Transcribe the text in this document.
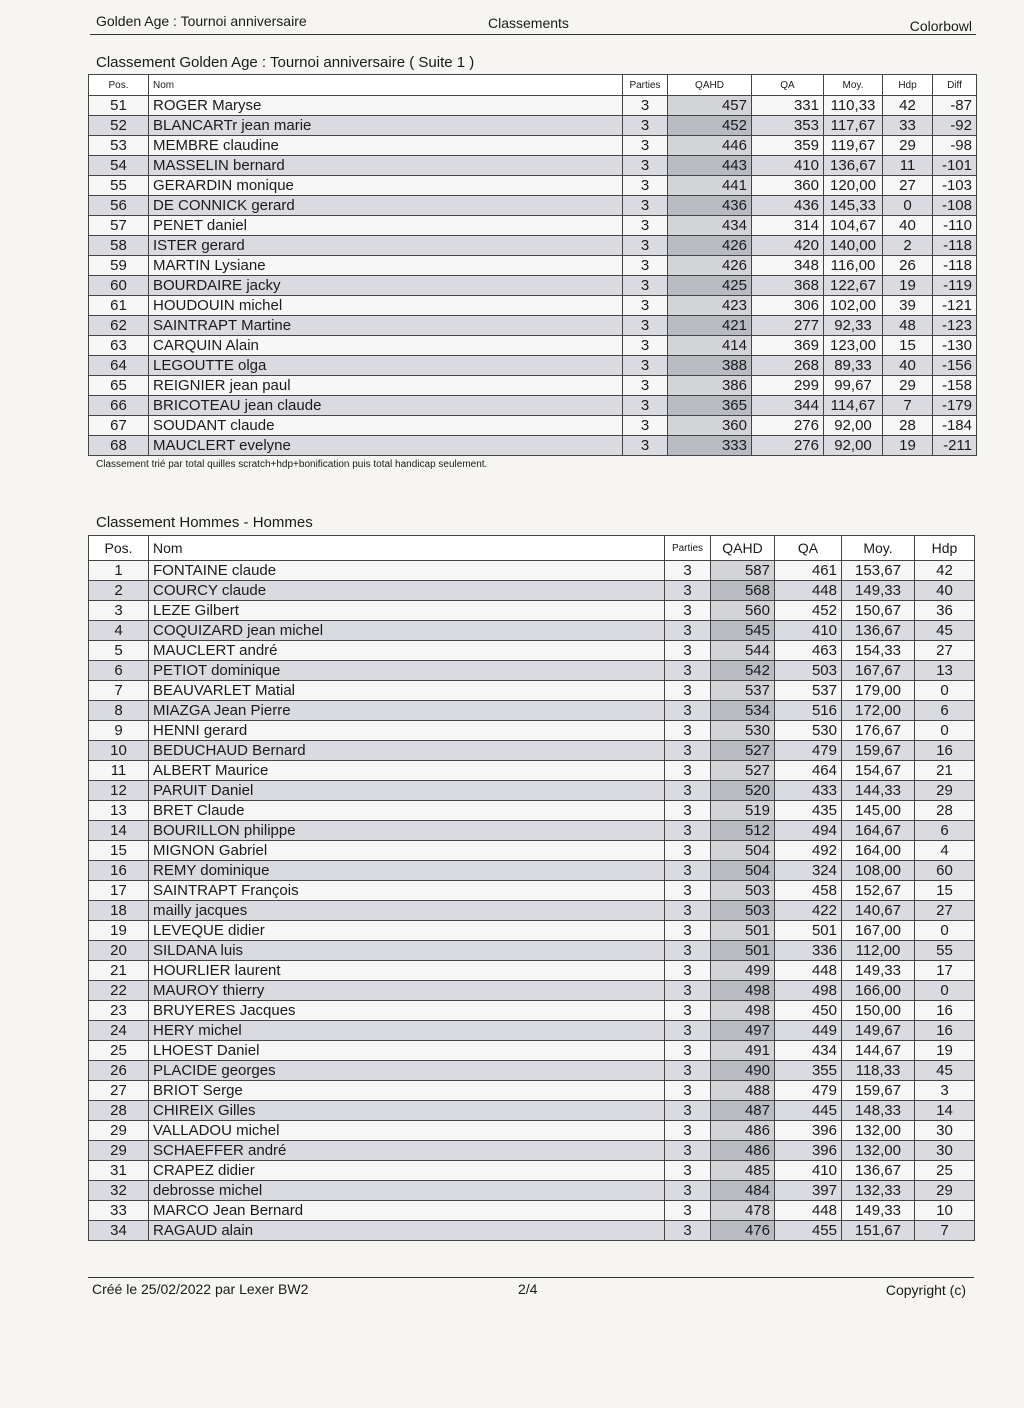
Golden Age : Tournoi anniversaire	Classements	Colorbowl
Classement Golden Age : Tournoi anniversaire ( Suite 1 )
Pos.	Nom	Parties	QAHD	QA	Moy.	Hdp	Diff
51	ROGER Maryse	3	457	331	110,33	42	-87
52	BLANCARTr jean marie	3	452	353	117,67	33	-92
53	MEMBRE claudine	3	446	359	119,67	29	-98
54	MASSELIN bernard	3	443	410	136,67	11	-101
55	GERARDIN monique	3	441	360	120,00	27	-103
56	DE CONNICK gerard	3	436	436	145,33	0	-108
57	PENET daniel	3	434	314	104,67	40	-110
58	ISTER gerard	3	426	420	140,00	2	-118
59	MARTIN Lysiane	3	426	348	116,00	26	-118
60	BOURDAIRE jacky	3	425	368	122,67	19	-119
61	HOUDOUIN michel	3	423	306	102,00	39	-121
62	SAINTRAPT Martine	3	421	277	92,33	48	-123
63	CARQUIN Alain	3	414	369	123,00	15	-130
64	LEGOUTTE olga	3	388	268	89,33	40	-156
65	REIGNIER jean paul	3	386	299	99,67	29	-158
66	BRICOTEAU jean claude	3	365	344	114,67	7	-179
67	SOUDANT claude	3	360	276	92,00	28	-184
68	MAUCLERT evelyne	3	333	276	92,00	19	-211
Classement trié par total quilles scratch+hdp+bonification puis total handicap seulement.
Classement Hommes - Hommes
Pos.	Nom	Parties	QAHD	QA	Moy.	Hdp
1	FONTAINE claude	3	587	461	153,67	42
2	COURCY claude	3	568	448	149,33	40
3	LEZE Gilbert	3	560	452	150,67	36
4	COQUIZARD jean michel	3	545	410	136,67	45
5	MAUCLERT andré	3	544	463	154,33	27
6	PETIOT dominique	3	542	503	167,67	13
7	BEAUVARLET Matial	3	537	537	179,00	0
8	MIAZGA Jean Pierre	3	534	516	172,00	6
9	HENNI gerard	3	530	530	176,67	0
10	BEDUCHAUD Bernard	3	527	479	159,67	16
11	ALBERT Maurice	3	527	464	154,67	21
12	PARUIT Daniel	3	520	433	144,33	29
13	BRET Claude	3	519	435	145,00	28
14	BOURILLON philippe	3	512	494	164,67	6
15	MIGNON Gabriel	3	504	492	164,00	4
16	REMY dominique	3	504	324	108,00	60
17	SAINTRAPT François	3	503	458	152,67	15
18	mailly jacques	3	503	422	140,67	27
19	LEVEQUE didier	3	501	501	167,00	0
20	SILDANA luis	3	501	336	112,00	55
21	HOURLIER laurent	3	499	448	149,33	17
22	MAUROY thierry	3	498	498	166,00	0
23	BRUYERES Jacques	3	498	450	150,00	16
24	HERY michel	3	497	449	149,67	16
25	LHOEST Daniel	3	491	434	144,67	19
26	PLACIDE georges	3	490	355	118,33	45
27	BRIOT Serge	3	488	479	159,67	3
28	CHIREIX Gilles	3	487	445	148,33	14
29	VALLADOU michel	3	486	396	132,00	30
29	SCHAEFFER andré	3	486	396	132,00	30
31	CRAPEZ didier	3	485	410	136,67	25
32	debrosse michel	3	484	397	132,33	29
33	MARCO Jean Bernard	3	478	448	149,33	10
34	RAGAUD alain	3	476	455	151,67	7
Créé le 25/02/2022 par Lexer BW2	2/4	Copyright (c)
